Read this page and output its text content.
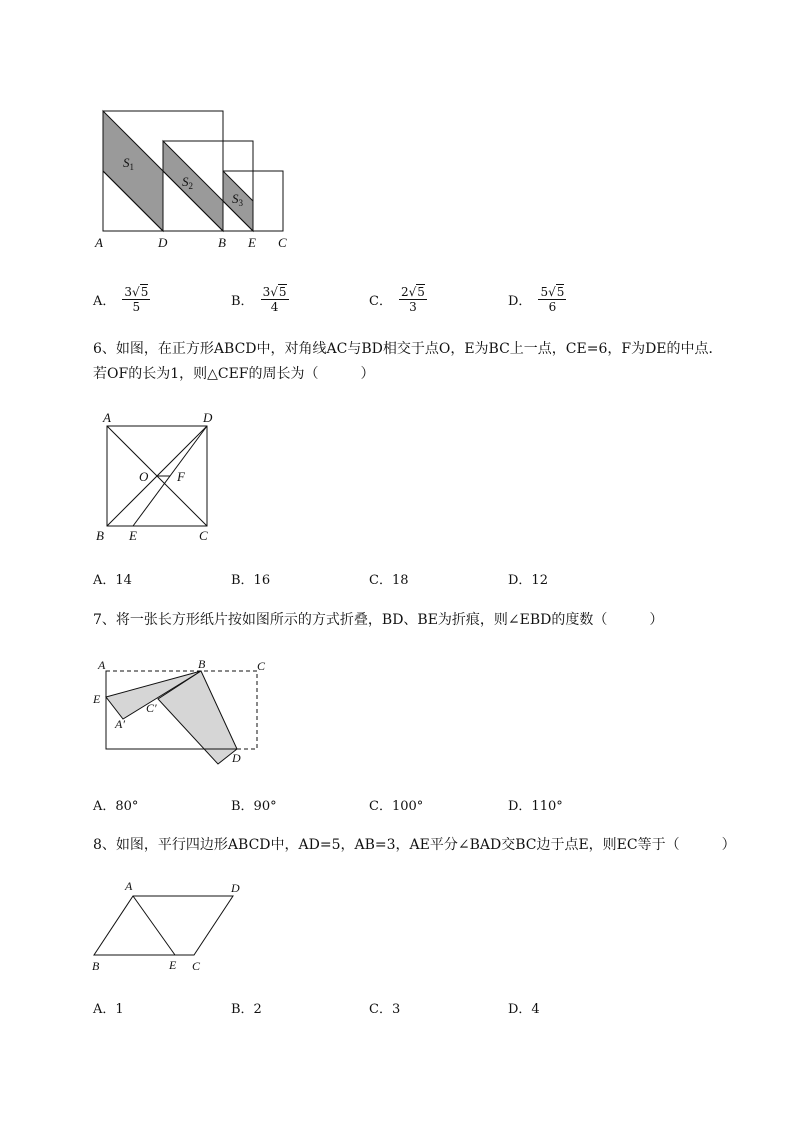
A	D	B E C
$S_1$
$S_2$
$S_3$
A． $\frac{3√5}{5}$	B． $\frac{3√5}{4}$	C． $\frac{2√5}{3}$	D． $\frac{5√5}{6}$
6、如图，在正方形ABCD中，对角线AC与BD相交于点O，E为BC上一点，CE=6，F为DE的中点．若OF的长为1，则△CEF的周长为（　　　）
A	D
O F
B E	C
A．14	B．16	C．18	D．12
7、将一张长方形纸片按如图所示的方式折叠，BD、BE为折痕，则∠EBD的度数（　　　）
A	B	C
E
A′
C′
D
A．80°	B．90°	C．100°	D．110°
8、如图，平行四边形ABCD中，AD=5，AB=3，AE平分∠BAD交BC边于点E，则EC等于（　　　）
A	D
B	E C
A．1	B．2	C．3	D．4
